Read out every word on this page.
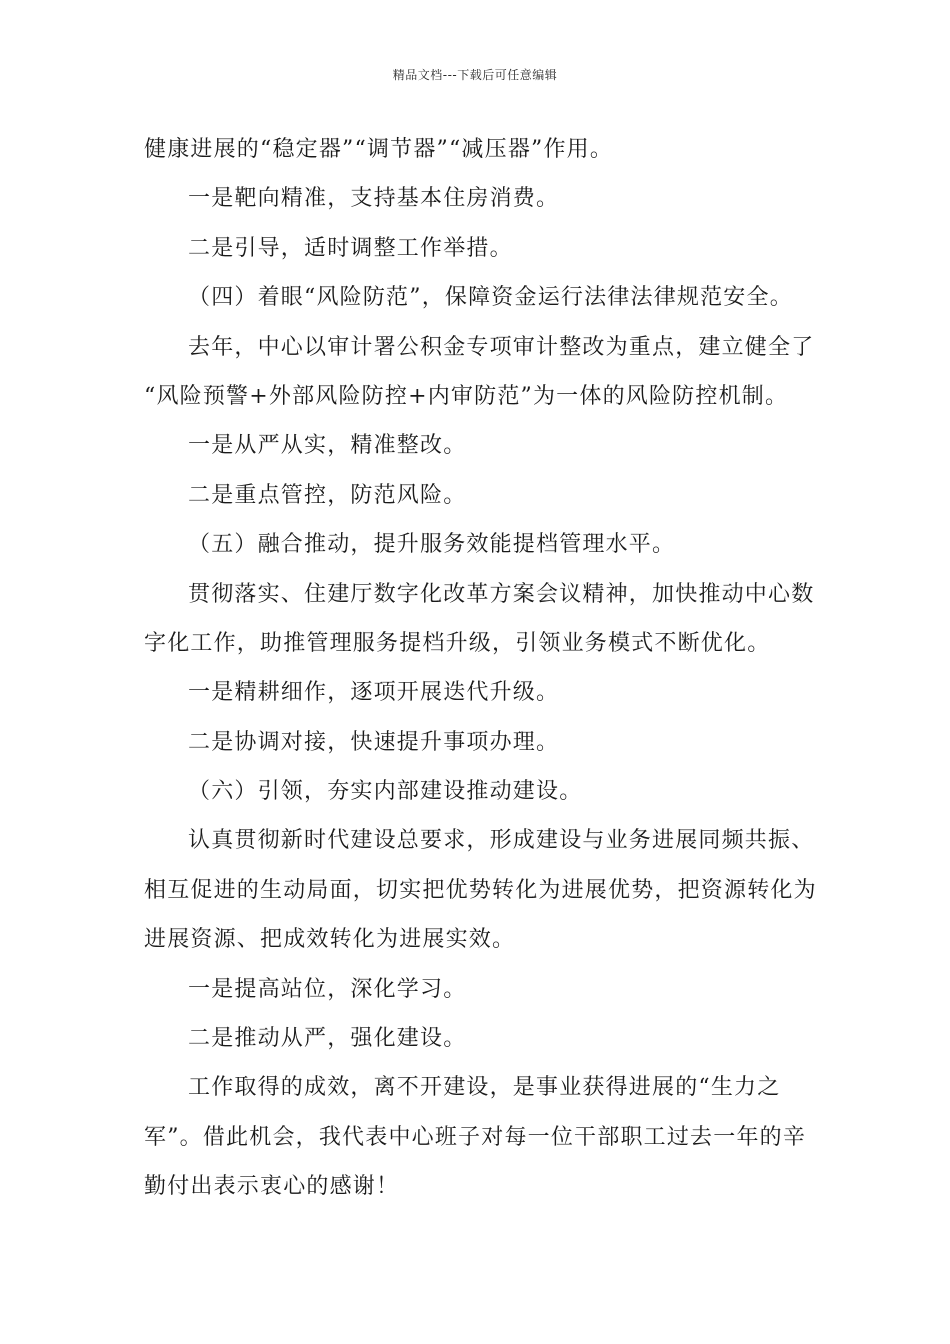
精品文档---下载后可任意编辑
健康进展的“稳定器”“调节器”“减压器”作用。
一是靶向精准，支持基本住房消费。
二是引导，适时调整工作举措。
（四）着眼“风险防范”，保障资金运行法律法律规范安全。
去年，中心以审计署公积金专项审计整改为重点，建立健全了
“风险预警+外部风险防控+内审防范”为一体的风险防控机制。
一是从严从实，精准整改。
二是重点管控，防范风险。
（五）融合推动，提升服务效能提档管理水平。
贯彻落实、住建厅数字化改革方案会议精神，加快推动中心数
字化工作，助推管理服务提档升级，引领业务模式不断优化。
一是精耕细作，逐项开展迭代升级。
二是协调对接，快速提升事项办理。
（六）引领，夯实内部建设推动建设。
认真贯彻新时代建设总要求，形成建设与业务进展同频共振、
相互促进的生动局面，切实把优势转化为进展优势，把资源转化为
进展资源、把成效转化为进展实效。
一是提高站位，深化学习。
二是推动从严，强化建设。
工作取得的成效，离不开建设，是事业获得进展的“生力之
军”。借此机会，我代表中心班子对每一位干部职工过去一年的辛
勤付出表示衷心的感谢！
